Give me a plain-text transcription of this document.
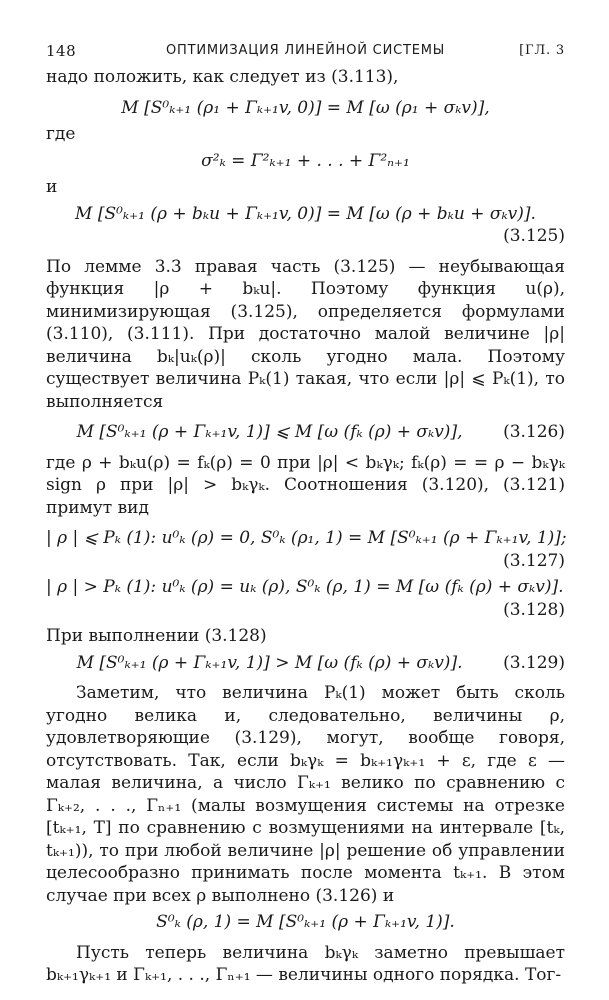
148	ОПТИМИЗАЦИЯ ЛИНЕЙНОЙ СИСТЕМЫ	[ГЛ. 3
надо положить, как следует из (3.113),
M [S⁰ₖ₊₁ (ρ₁ + Γₖ₊₁v, 0)] = M [ω (ρ₁ + σₖv)],
где
σ²ₖ = Γ²ₖ₊₁ + . . . + Γ²ₙ₊₁
и
M [S⁰ₖ₊₁ (ρ + bₖu + Γₖ₊₁v, 0)] = M [ω (ρ + bₖu + σₖv)].
(3.125)
По лемме 3.3 правая часть (3.125) — неубывающая функция |ρ + bₖu|. Поэтому функция u(ρ), минимизирующая (3.125), определяется формулами (3.110), (3.111). При достаточно малой величине |ρ| величина bₖ|uₖ(ρ)| сколь угодно мала. Поэтому существует величина Pₖ(1) такая, что если |ρ| ⩽ Pₖ(1), то выполняется
M [S⁰ₖ₊₁ (ρ + Γₖ₊₁v, 1)] ⩽ M [ω (fₖ (ρ) + σₖv)],	(3.126)
где ρ + bₖu(ρ) = fₖ(ρ) = 0 при |ρ| < bₖγₖ; fₖ(ρ) = = ρ − bₖγₖ sign ρ при |ρ| > bₖγₖ. Соотношения (3.120), (3.121) примут вид
| ρ | ⩽ Pₖ (1): u⁰ₖ (ρ) = 0, S⁰ₖ (ρ₁, 1) = M [S⁰ₖ₊₁ (ρ + Γₖ₊₁v, 1)];
(3.127)
| ρ | > Pₖ (1): u⁰ₖ (ρ) = uₖ (ρ), S⁰ₖ (ρ, 1) = M [ω (fₖ (ρ) + σₖv)].
(3.128)
При выполнении (3.128)
M [S⁰ₖ₊₁ (ρ + Γₖ₊₁v, 1)] > M [ω (fₖ (ρ) + σₖv)].	(3.129)
Заметим, что величина Pₖ(1) может быть сколь угодно велика и, следовательно, величины ρ, удовлетворяющие (3.129), могут, вообще говоря, отсутствовать. Так, если bₖγₖ = bₖ₊₁γₖ₊₁ + ε, где ε — малая величина, а число Γₖ₊₁ велико по сравнению с Γₖ₊₂, . . ., Γₙ₊₁ (малы возмущения системы на отрезке [tₖ₊₁, T] по сравнению с возмущениями на интервале [tₖ, tₖ₊₁)), то при любой величине |ρ| решение об управлении целесообразно принимать после момента tₖ₊₁. В этом случае при всех ρ выполнено (3.126) и
S⁰ₖ (ρ, 1) = M [S⁰ₖ₊₁ (ρ + Γₖ₊₁v, 1)].
Пусть теперь величина bₖγₖ заметно превышает bₖ₊₁γₖ₊₁ и Γₖ₊₁, . . ., Γₙ₊₁ — величины одного порядка. Тог-
